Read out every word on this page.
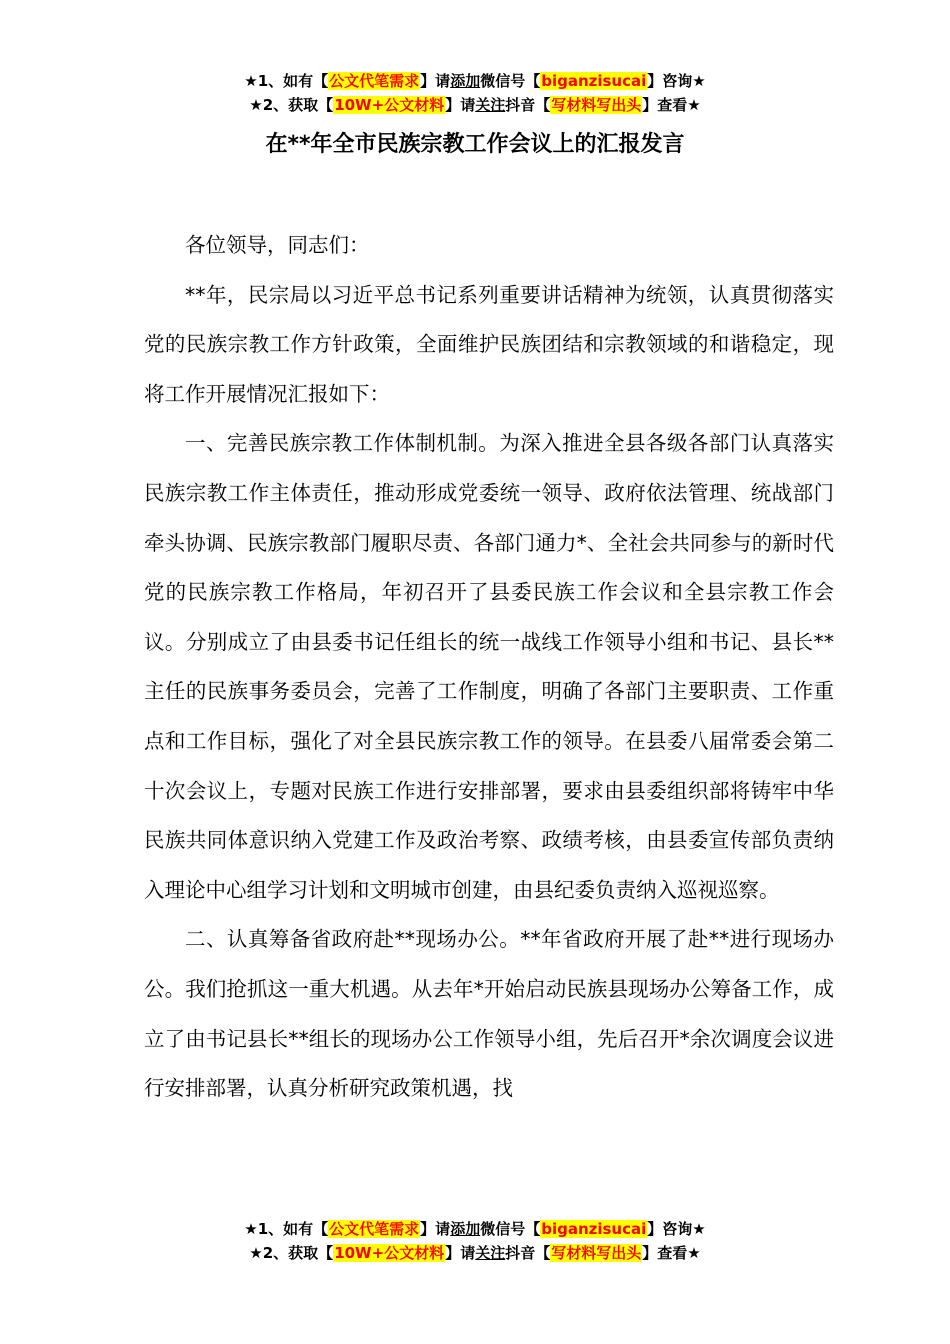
★1、如有【公文代笔需求】请添加微信号【biganzisucai】咨询★
★2、获取【10W+公文材料】请关注抖音【写材料写出头】查看★
在**年全市民族宗教工作会议上的汇报发言

各位领导，同志们：

**年，民宗局以习近平总书记系列重要讲话精神为统领，认真贯彻落实党的民族宗教工作方针政策，全面维护民族团结和宗教领域的和谐稳定，现将工作开展情况汇报如下：

一、完善民族宗教工作体制机制。为深入推进全县各级各部门认真落实民族宗教工作主体责任，推动形成党委统一领导、政府依法管理、统战部门牵头协调、民族宗教部门履职尽责、各部门通力*、全社会共同参与的新时代党的民族宗教工作格局，年初召开了县委民族工作会议和全县宗教工作会议。分别成立了由县委书记任组长的统一战线工作领导小组和书记、县长**主任的民族事务委员会，完善了工作制度，明确了各部门主要职责、工作重点和工作目标，强化了对全县民族宗教工作的领导。在县委八届常委会第二十次会议上，专题对民族工作进行安排部署，要求由县委组织部将铸牢中华民族共同体意识纳入党建工作及政治考察、政绩考核，由县委宣传部负责纳入理论中心组学习计划和文明城市创建，由县纪委负责纳入巡视巡察。

二、认真筹备省政府赴**现场办公。**年省政府开展了赴**进行现场办公。我们抢抓这一重大机遇。从去年*开始启动民族县现场办公筹备工作，成立了由书记县长**组长的现场办公工作领导小组，先后召开*余次调度会议进行安排部署，认真分析研究政策机遇，找

★1、如有【公文代笔需求】请添加微信号【biganzisucai】咨询★
★2、获取【10W+公文材料】请关注抖音【写材料写出头】查看★
